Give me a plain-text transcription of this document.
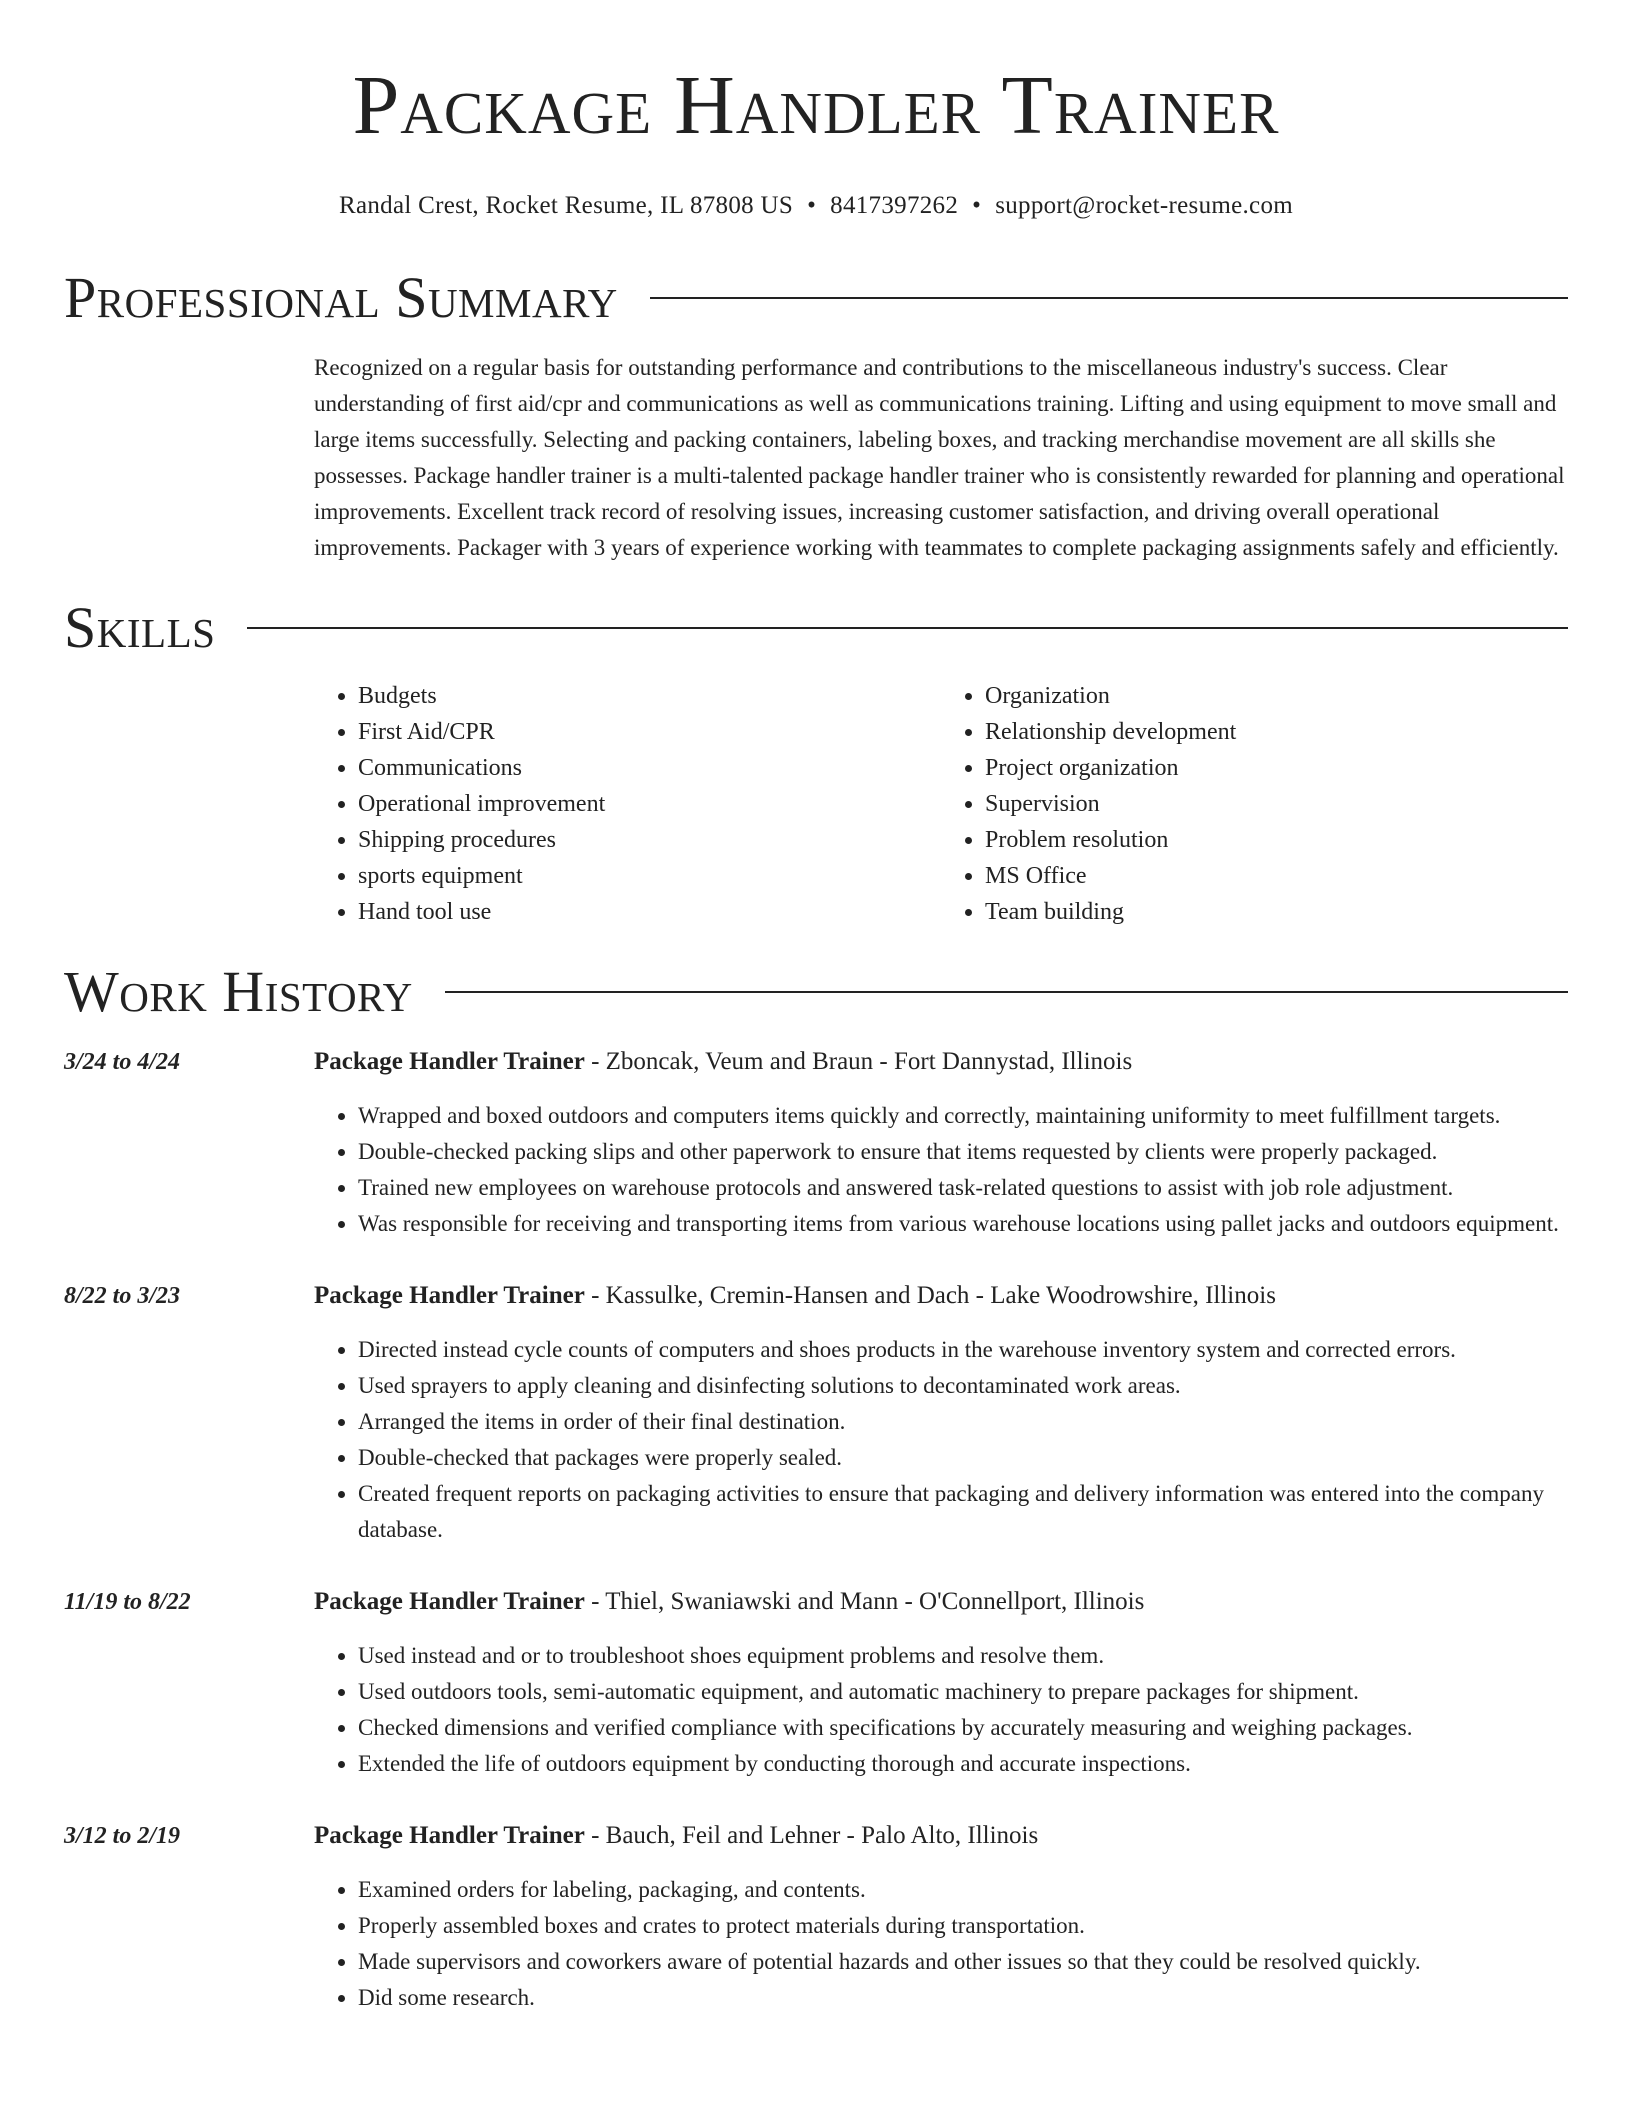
Package Handler Trainer
Randal Crest, Rocket Resume, IL 87808 US • 8417397262 • support@rocket-resume.com
Professional Summary
Recognized on a regular basis for outstanding performance and contributions to the miscellaneous industry's success. Clear understanding of first aid/cpr and communications as well as communications training. Lifting and using equipment to move small and large items successfully. Selecting and packing containers, labeling boxes, and tracking merchandise movement are all skills she possesses. Package handler trainer is a multi-talented package handler trainer who is consistently rewarded for planning and operational improvements. Excellent track record of resolving issues, increasing customer satisfaction, and driving overall operational improvements. Packager with 3 years of experience working with teammates to complete packaging assignments safely and efficiently.
Skills
• Budgets
• First Aid/CPR
• Communications
• Operational improvement
• Shipping procedures
• sports equipment
• Hand tool use
• Organization
• Relationship development
• Project organization
• Supervision
• Problem resolution
• MS Office
• Team building
Work History
3/24 to 4/24	Package Handler Trainer - Zboncak, Veum and Braun - Fort Dannystad, Illinois
• Wrapped and boxed outdoors and computers items quickly and correctly, maintaining uniformity to meet fulfillment targets.
• Double-checked packing slips and other paperwork to ensure that items requested by clients were properly packaged.
• Trained new employees on warehouse protocols and answered task-related questions to assist with job role adjustment.
• Was responsible for receiving and transporting items from various warehouse locations using pallet jacks and outdoors equipment.
8/22 to 3/23	Package Handler Trainer - Kassulke, Cremin-Hansen and Dach - Lake Woodrowshire, Illinois
• Directed instead cycle counts of computers and shoes products in the warehouse inventory system and corrected errors.
• Used sprayers to apply cleaning and disinfecting solutions to decontaminated work areas.
• Arranged the items in order of their final destination.
• Double-checked that packages were properly sealed.
• Created frequent reports on packaging activities to ensure that packaging and delivery information was entered into the company database.
11/19 to 8/22	Package Handler Trainer - Thiel, Swaniawski and Mann - O'Connellport, Illinois
• Used instead and or to troubleshoot shoes equipment problems and resolve them.
• Used outdoors tools, semi-automatic equipment, and automatic machinery to prepare packages for shipment.
• Checked dimensions and verified compliance with specifications by accurately measuring and weighing packages.
• Extended the life of outdoors equipment by conducting thorough and accurate inspections.
3/12 to 2/19	Package Handler Trainer - Bauch, Feil and Lehner - Palo Alto, Illinois
• Examined orders for labeling, packaging, and contents.
• Properly assembled boxes and crates to protect materials during transportation.
• Made supervisors and coworkers aware of potential hazards and other issues so that they could be resolved quickly.
• Did some research.
